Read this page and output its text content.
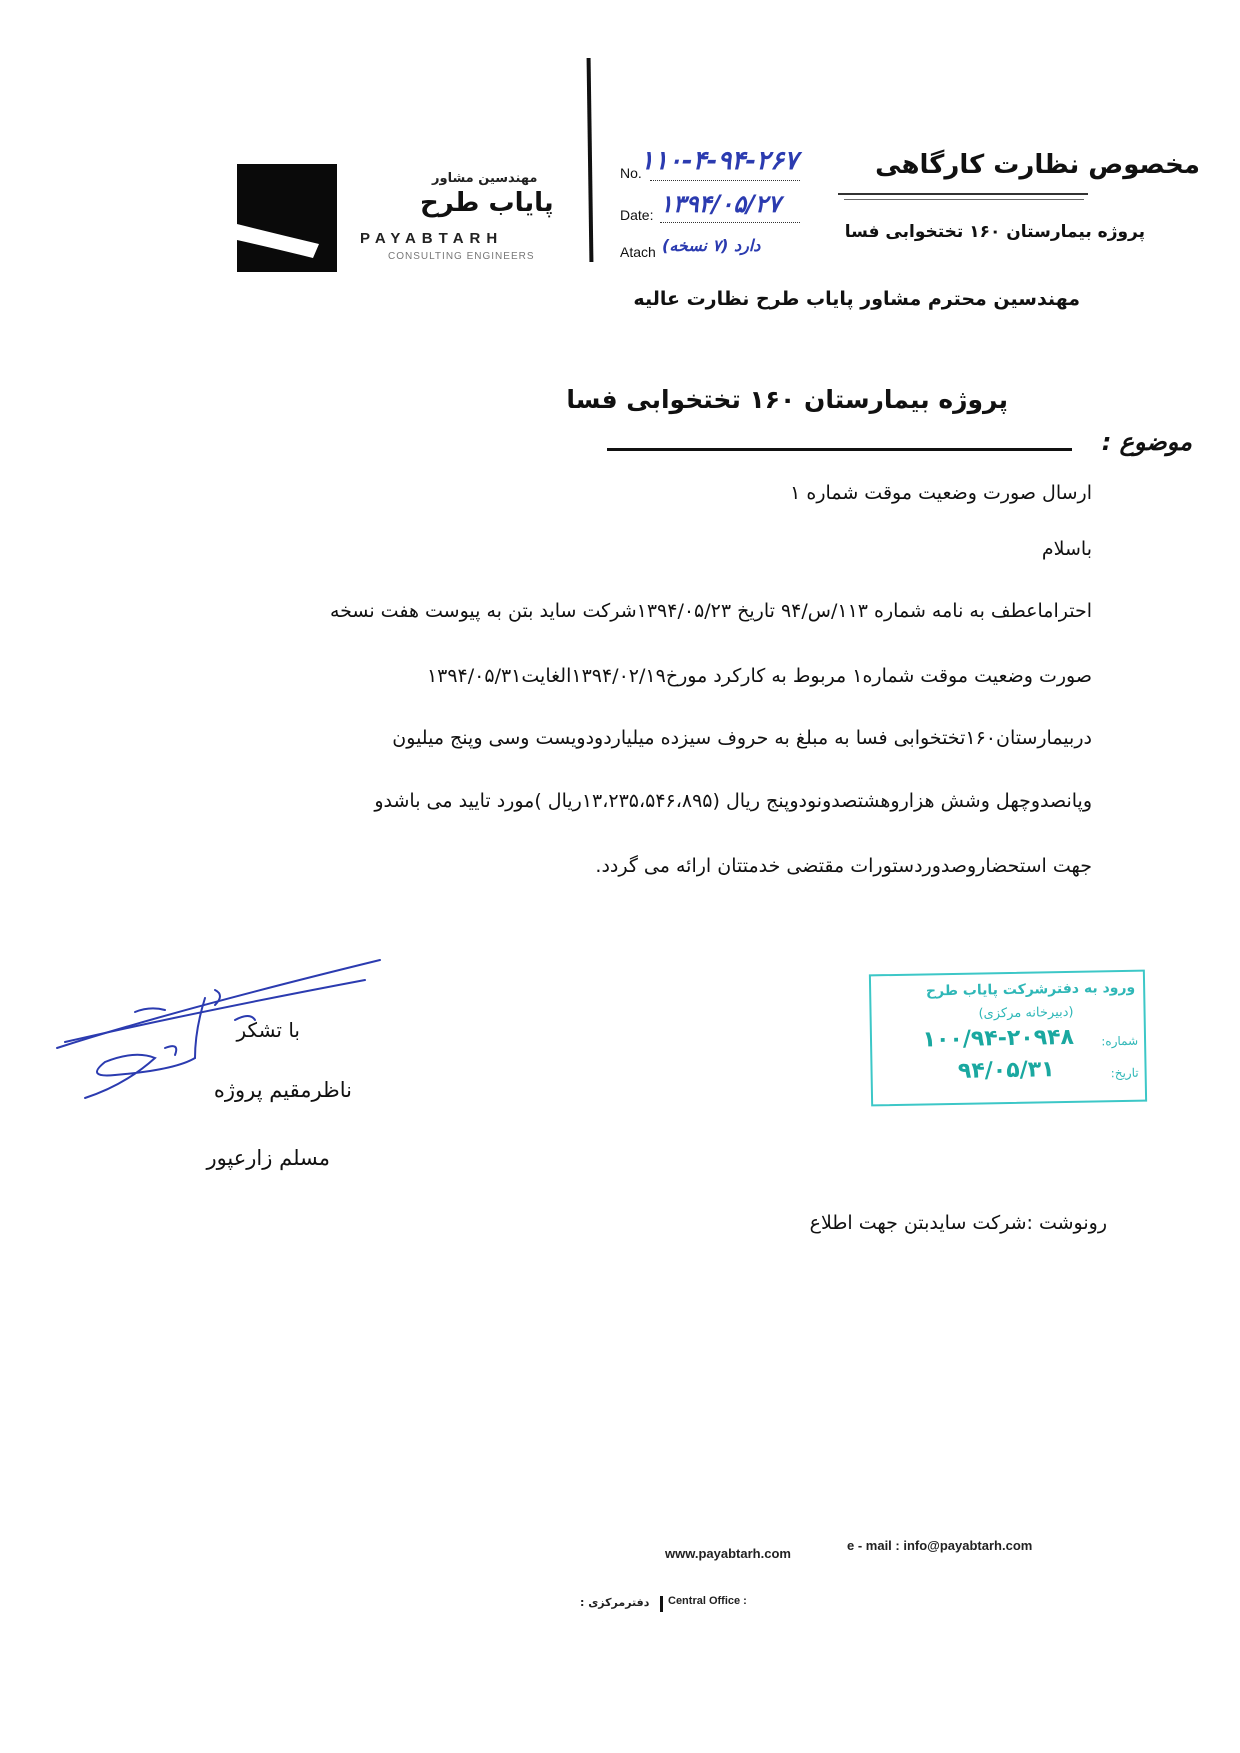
مهندسین مشاور
پایاب طرح
PAYABTARH
CONSULTING ENGINEERS
No.
۱۱۰-۴-۹۴-۲۶۷
Date: ۱۳۹۴/۰۵/۲۷
Atach دارد (۷ نسخه)
مخصوص نظارت کارگاهی
پروژه بیمارستان ۱۶۰ تختخوابی فسا
مهندسین محترم مشاور پایاب طرح نظارت عالیه
پروژه بیمارستان ۱۶۰ تختخوابی فسا
موضوع :
ارسال صورت وضعیت موقت شماره ۱
باسلام
احتراماعطف به نامه شماره ۱۱۳/س/۹۴ تاریخ ۱۳۹۴/۰۵/۲۳شرکت ساید بتن به پیوست هفت نسخه
صورت وضعیت موقت شماره۱ مربوط به کارکرد مورخ۱۳۹۴/۰۲/۱۹الغایت۱۳۹۴/۰۵/۳۱
دربیمارستان۱۶۰تختخوابی فسا به مبلغ به حروف سیزده میلیاردودویست وسی وپنج میلیون
وپانصدوچهل وشش هزاروهشتصدونودوپنج ریال (۱۳،۲۳۵،۵۴۶،۸۹۵ریال )مورد تایید می باشدو
جهت استحضاروصدوردستورات مقتضی خدمتتان ارائه می گردد.
ورود به دفترشرکت پایاب طرح
(دبیرخانه مرکزی)
شماره:
۱۰۰/۹۴-۲۰۹۴۸
تاریخ:
۹۴/۰۵/۳۱
با تشکر
ناظرمقیم پروژه
مسلم زارعپور
رونوشت :شرکت سایدبتن جهت اطلاع
www.payabtarh.com
e - mail : info@payabtarh.com
دفترمرکزی : Central Office :
